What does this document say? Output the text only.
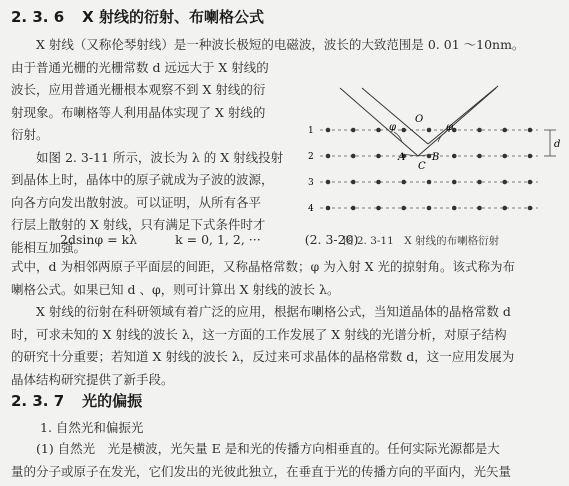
2. 3. 6 X 射线的衍射、布喇格公式
　　X 射线（又称伦琴射线）是一种波长极短的电磁波，波长的大致范围是 0. 01 ～10nm。
由于普通光栅的光栅常数 d 远远大于 X 射线的
波长，应用普通光栅根本观察不到 X 射线的衍
射现象。布喇格等人利用晶体实现了 X 射线的
衍射。
　　如图 2. 3-11 所示，波长为 λ 的 X 射线投射
到晶体上时，晶体中的原子就成为子波的波源，
向各方向发出散射波。可以证明，从所有各平
行层上散射的 X 射线，只有满足下式条件时才
能相互加强。
2dsinφ = kλ	k = 0, 1, 2, ···	(2. 3-20)
1
2
3
4
φ	φ
O
A	B
C
d
图 2. 3-11　X 射线的布喇格衍射
式中，d 为相邻两原子平面层的间距，又称晶格常数；φ 为入射 X 光的掠射角。该式称为布
喇格公式。如果已知 d 、φ，则可计算出 X 射线的波长 λ。
　　X 射线的衍射在科研领域有着广泛的应用，根据布喇格公式，当知道晶体的晶格常数 d
时，可求未知的 X 射线的波长 λ，这一方面的工作发展了 X 射线的光谱分析，对原子结构
的研究十分重要；若知道 X 射线的波长 λ，反过来可求晶体的晶格常数 d，这一应用发展为
晶体结构研究提供了新手段。
2. 3. 7 光的偏振
1. 自然光和偏振光
　　(1) 自然光　光是横波，光矢量 E 是和光的传播方向相垂直的。任何实际光源都是大
量的分子或原子在发光，它们发出的光彼此独立，在垂直于光的传播方向的平面内，光矢量
